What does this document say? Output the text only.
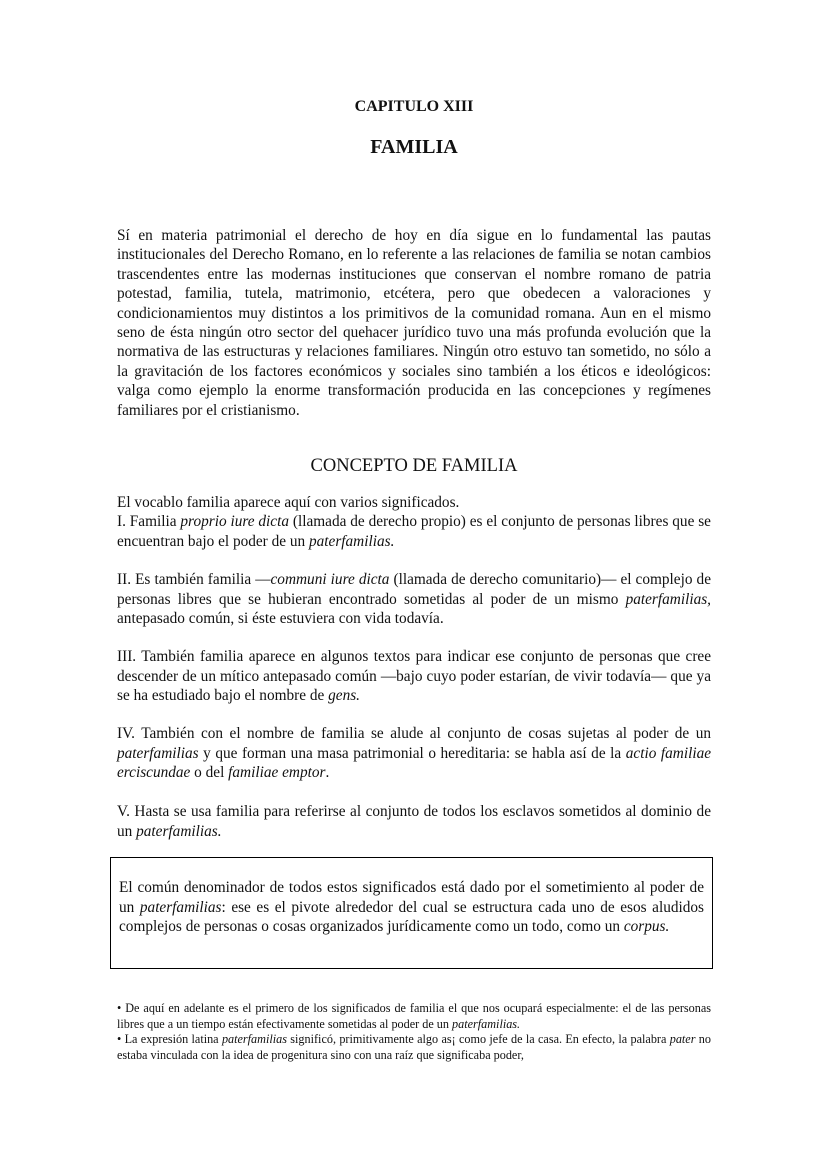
CAPITULO XIII
FAMILIA

Sí en materia patrimonial el derecho de hoy en día sigue en lo fundamental las pautas institucionales del Derecho Romano, en lo referente a las relaciones de familia se notan cambios trascendentes entre las modernas instituciones que conservan el nombre romano de patria potestad, familia, tutela, matrimonio, etcétera, pero que obedecen a valoraciones y condicionamientos muy distintos a los primitivos de la comunidad romana. Aun en el mismo seno de ésta ningún otro sector del quehacer jurídico tuvo una más profunda evolución que la normativa de las estructuras y relaciones familiares. Ningún otro estuvo tan sometido, no sólo a la gravitación de los factores económicos y sociales sino también a los éticos e ideológicos: valga como ejemplo la enorme transformación producida en las concepciones y regímenes familiares por el cristianismo.

CONCEPTO DE FAMILIA

El vocablo familia aparece aquí con varios significados.

I. Familia proprio iure dicta (llamada de derecho propio) es el conjunto de personas libres que se encuentran bajo el poder de un paterfamilias.

II. Es también familia —communi iure dicta (llamada de derecho comunitario)— el complejo de personas libres que se hubieran encontrado sometidas al poder de un mismo paterfamilias, antepasado común, si éste estuviera con vida todavía.

III. También familia aparece en algunos textos para indicar ese conjunto de personas que cree descender de un mítico antepasado común —bajo cuyo poder estarían, de vivir todavía— que ya se ha estudiado bajo el nombre de gens.

IV. También con el nombre de familia se alude al conjunto de cosas sujetas al poder de un paterfamilias y que forman una masa patrimonial o hereditaria: se habla así de la actio familiae erciscundae o del familiae emptor.

V. Hasta se usa familia para referirse al conjunto de todos los esclavos sometidos al dominio de un paterfamilias.

El común denominador de todos estos significados está dado por el sometimiento al poder de un paterfamilias: ese es el pivote alrededor del cual se estructura cada uno de esos aludidos complejos de personas o cosas organizados jurídicamente como un todo, como un corpus.

• De aquí en adelante es el primero de los significados de familia el que nos ocupará especialmente: el de las personas libres que a un tiempo están efectivamente sometidas al poder de un paterfamilias.

• La expresión latina paterfamilias significó, primitivamente algo as¡ como jefe de la casa. En efecto, la palabra pater no estaba vinculada con la idea de progenitura sino con una raíz que significaba poder,
